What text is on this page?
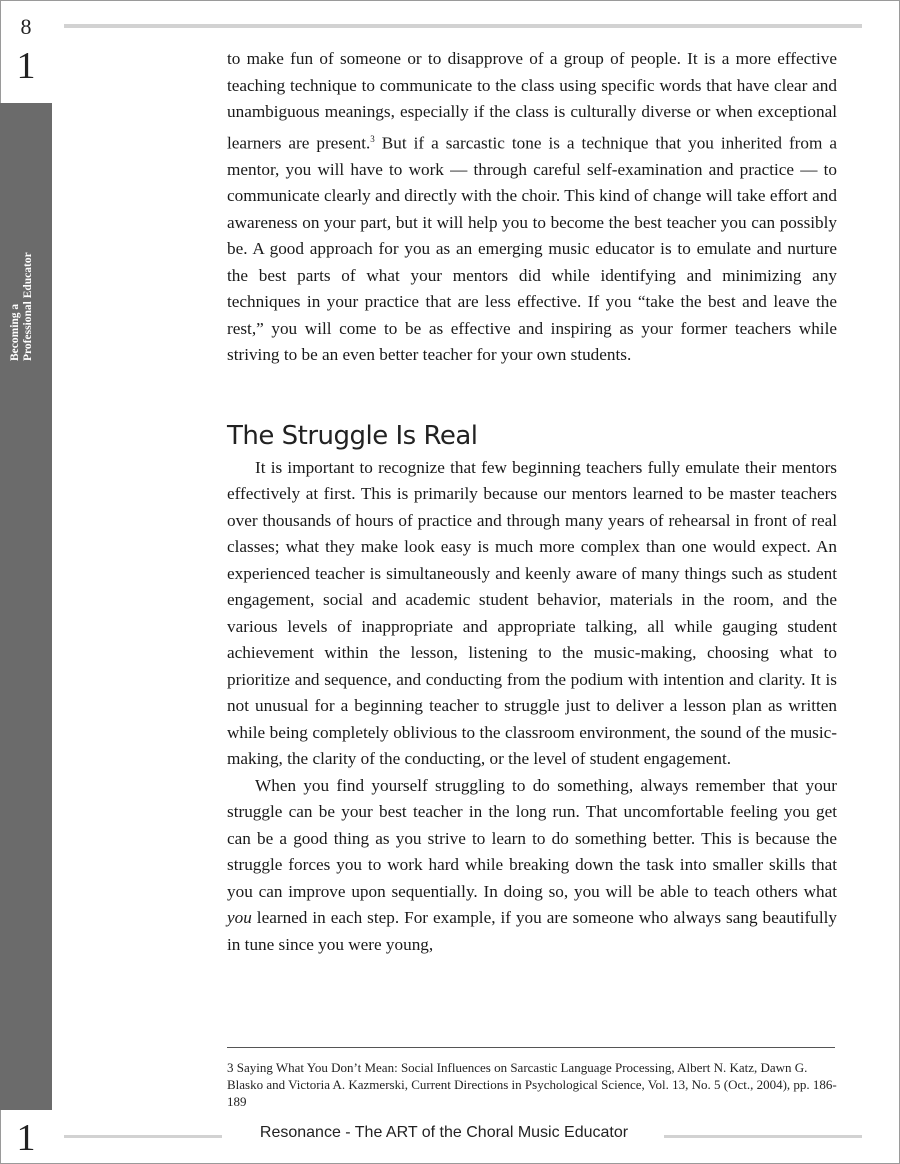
8
1
Becoming a Professional Educator
1

to make fun of someone or to disapprove of a group of people. It is a more effective teaching technique to communicate to the class using specific words that have clear and unambiguous meanings, especially if the class is culturally diverse or when exceptional learners are present.$^3$ But if a sarcastic tone is a technique that you inherited from a mentor, you will have to work — through careful self-examination and practice — to communicate clearly and directly with the choir. This kind of change will take effort and awareness on your part, but it will help you to become the best teacher you can possibly be. A good approach for you as an emerging music educator is to emulate and nurture the best parts of what your mentors did while identifying and minimizing any techniques in your practice that are less effective. If you “take the best and leave the rest,” you will come to be as effective and inspiring as your former teachers while striving to be an even better teacher for your own students.

The Struggle Is Real

It is important to recognize that few beginning teachers fully emulate their mentors effectively at first. This is primarily because our mentors learned to be master teachers over thousands of hours of practice and through many years of rehearsal in front of real classes; what they make look easy is much more complex than one would expect. An experienced teacher is simultaneously and keenly aware of many things such as student engagement, social and academic student behavior, materials in the room, and the various levels of inappropriate and appropriate talking, all while gauging student achievement within the lesson, listening to the music-making, choosing what to prioritize and sequence, and conducting from the podium with intention and clarity. It is not unusual for a beginning teacher to struggle just to deliver a lesson plan as written while being completely oblivious to the classroom environment, the sound of the music-making, the clarity of the conducting, or the level of student engagement.

When you find yourself struggling to do something, always remember that your struggle can be your best teacher in the long run. That uncomfortable feeling you get can be a good thing as you strive to learn to do something better. This is because the struggle forces you to work hard while breaking down the task into smaller skills that you can improve upon sequentially. In doing so, you will be able to teach others what you learned in each step. For example, if you are someone who always sang beautifully in tune since you were young,

3 Saying What You Don’t Mean: Social Influences on Sarcastic Language Processing, Albert N. Katz, Dawn G. Blasko and Victoria A. Kazmerski, Current Directions in Psychological Science, Vol. 13, No. 5 (Oct., 2004), pp. 186-189
Resonance - The ART of the Choral Music Educator
